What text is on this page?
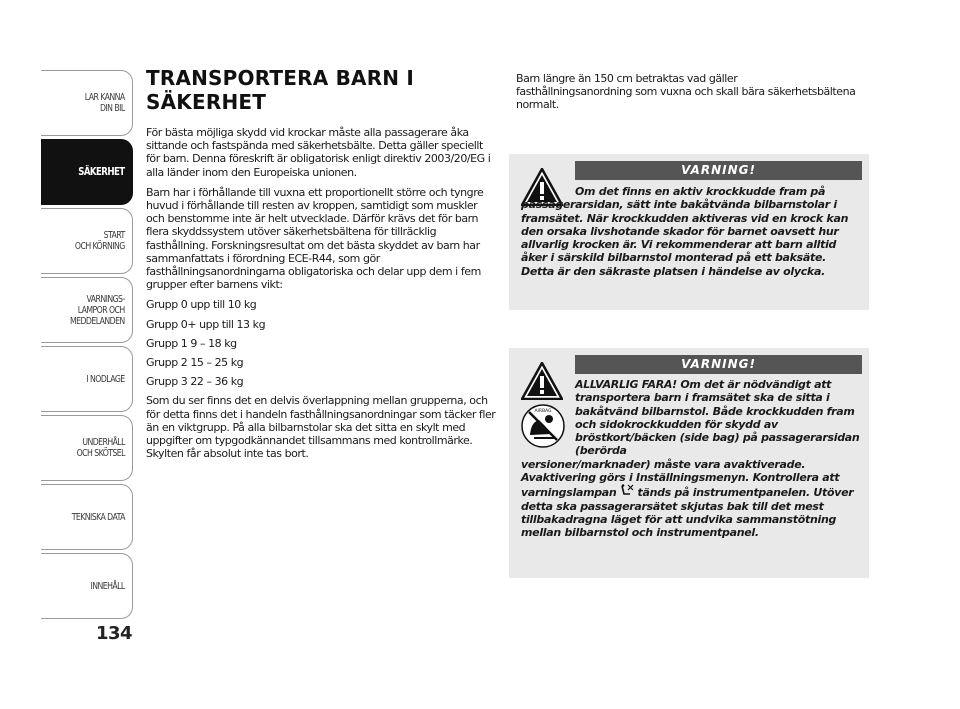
LÄR KÄNNA
DIN BIL
SÄKERHET
START
OCH KÖRNING
VARNINGS-
LAMPOR OCH
MEDDELANDEN
I NÖDLÄGE
UNDERHÅLL
OCH SKÖTSEL
TEKNISKA DATA
INNEHÅLL
134
TRANSPORTERA BARN I SÄKERHET

För bästa möjliga skydd vid krockar måste alla passagerare åka sittande och fastspända med säkerhetsbälte. Detta gäller speciellt för barn. Denna föreskrift är obligatorisk enligt direktiv 2003/20/EG i alla länder inom den Europeiska unionen.

Barn har i förhållande till vuxna ett proportionellt större och tyngre huvud i förhållande till resten av kroppen, samtidigt som muskler och benstomme inte är helt utvecklade. Därför krävs det för barn flera skyddssystem utöver säkerhetsbältena för tillräcklig fasthållning. Forskningsresultat om det bästa skyddet av barn har sammanfattats i förordning ECE-R44, som gör fasthållningsanordningarna obligatoriska och delar upp dem i fem grupper efter barnens vikt:

Grupp 0 upp till 10 kg

Grupp 0+ upp till 13 kg

Grupp 1 9 – 18 kg

Grupp 2 15 – 25 kg

Grupp 3 22 – 36 kg

Som du ser finns det en delvis överlappning mellan grupperna, och för detta finns det i handeln fasthållningsanordningar som täcker fler än en viktgrupp. På alla bilbarnstolar ska det sitta en skylt med uppgifter om typgodkännandet tillsammans med kontrollmärke. Skylten får absolut inte tas bort.

Barn längre än 150 cm betraktas vad gäller fasthållningsanordning som vuxna och skall bära säkerhetsbältena normalt.

VARNING!

Om det finns en aktiv krockkudde fram på passagerarsidan, sätt inte bakåtvända bilbarnstolar i framsätet. När krockkudden aktiveras vid en krock kan den orsaka livshotande skador för barnet oavsett hur allvarlig krocken är. Vi rekommenderar att barn alltid åker i särskild bilbarnstol monterad på ett baksäte. Detta är den säkraste platsen i händelse av olycka.

AIRBAG
VARNING!
ALLVARLIG FARA! Om det är nödvändigt att transportera barn i framsätet ska de sitta i bakåtvänd bilbarnstol. Både krockkudden fram och sidokrockkudden för skydd av bröstkort/bäcken (side bag) på passagerarsidan (berörda
versioner/marknader) måste vara avaktiverade. Avaktivering görs i Inställningsmenyn. Kontrollera att varningslampan tänds på instrumentpanelen. Utöver detta ska passagerarsätet skjutas bak till det mest tillbakadragna läget för att undvika sammanstötning mellan bilbarnstol och instrumentpanel.
